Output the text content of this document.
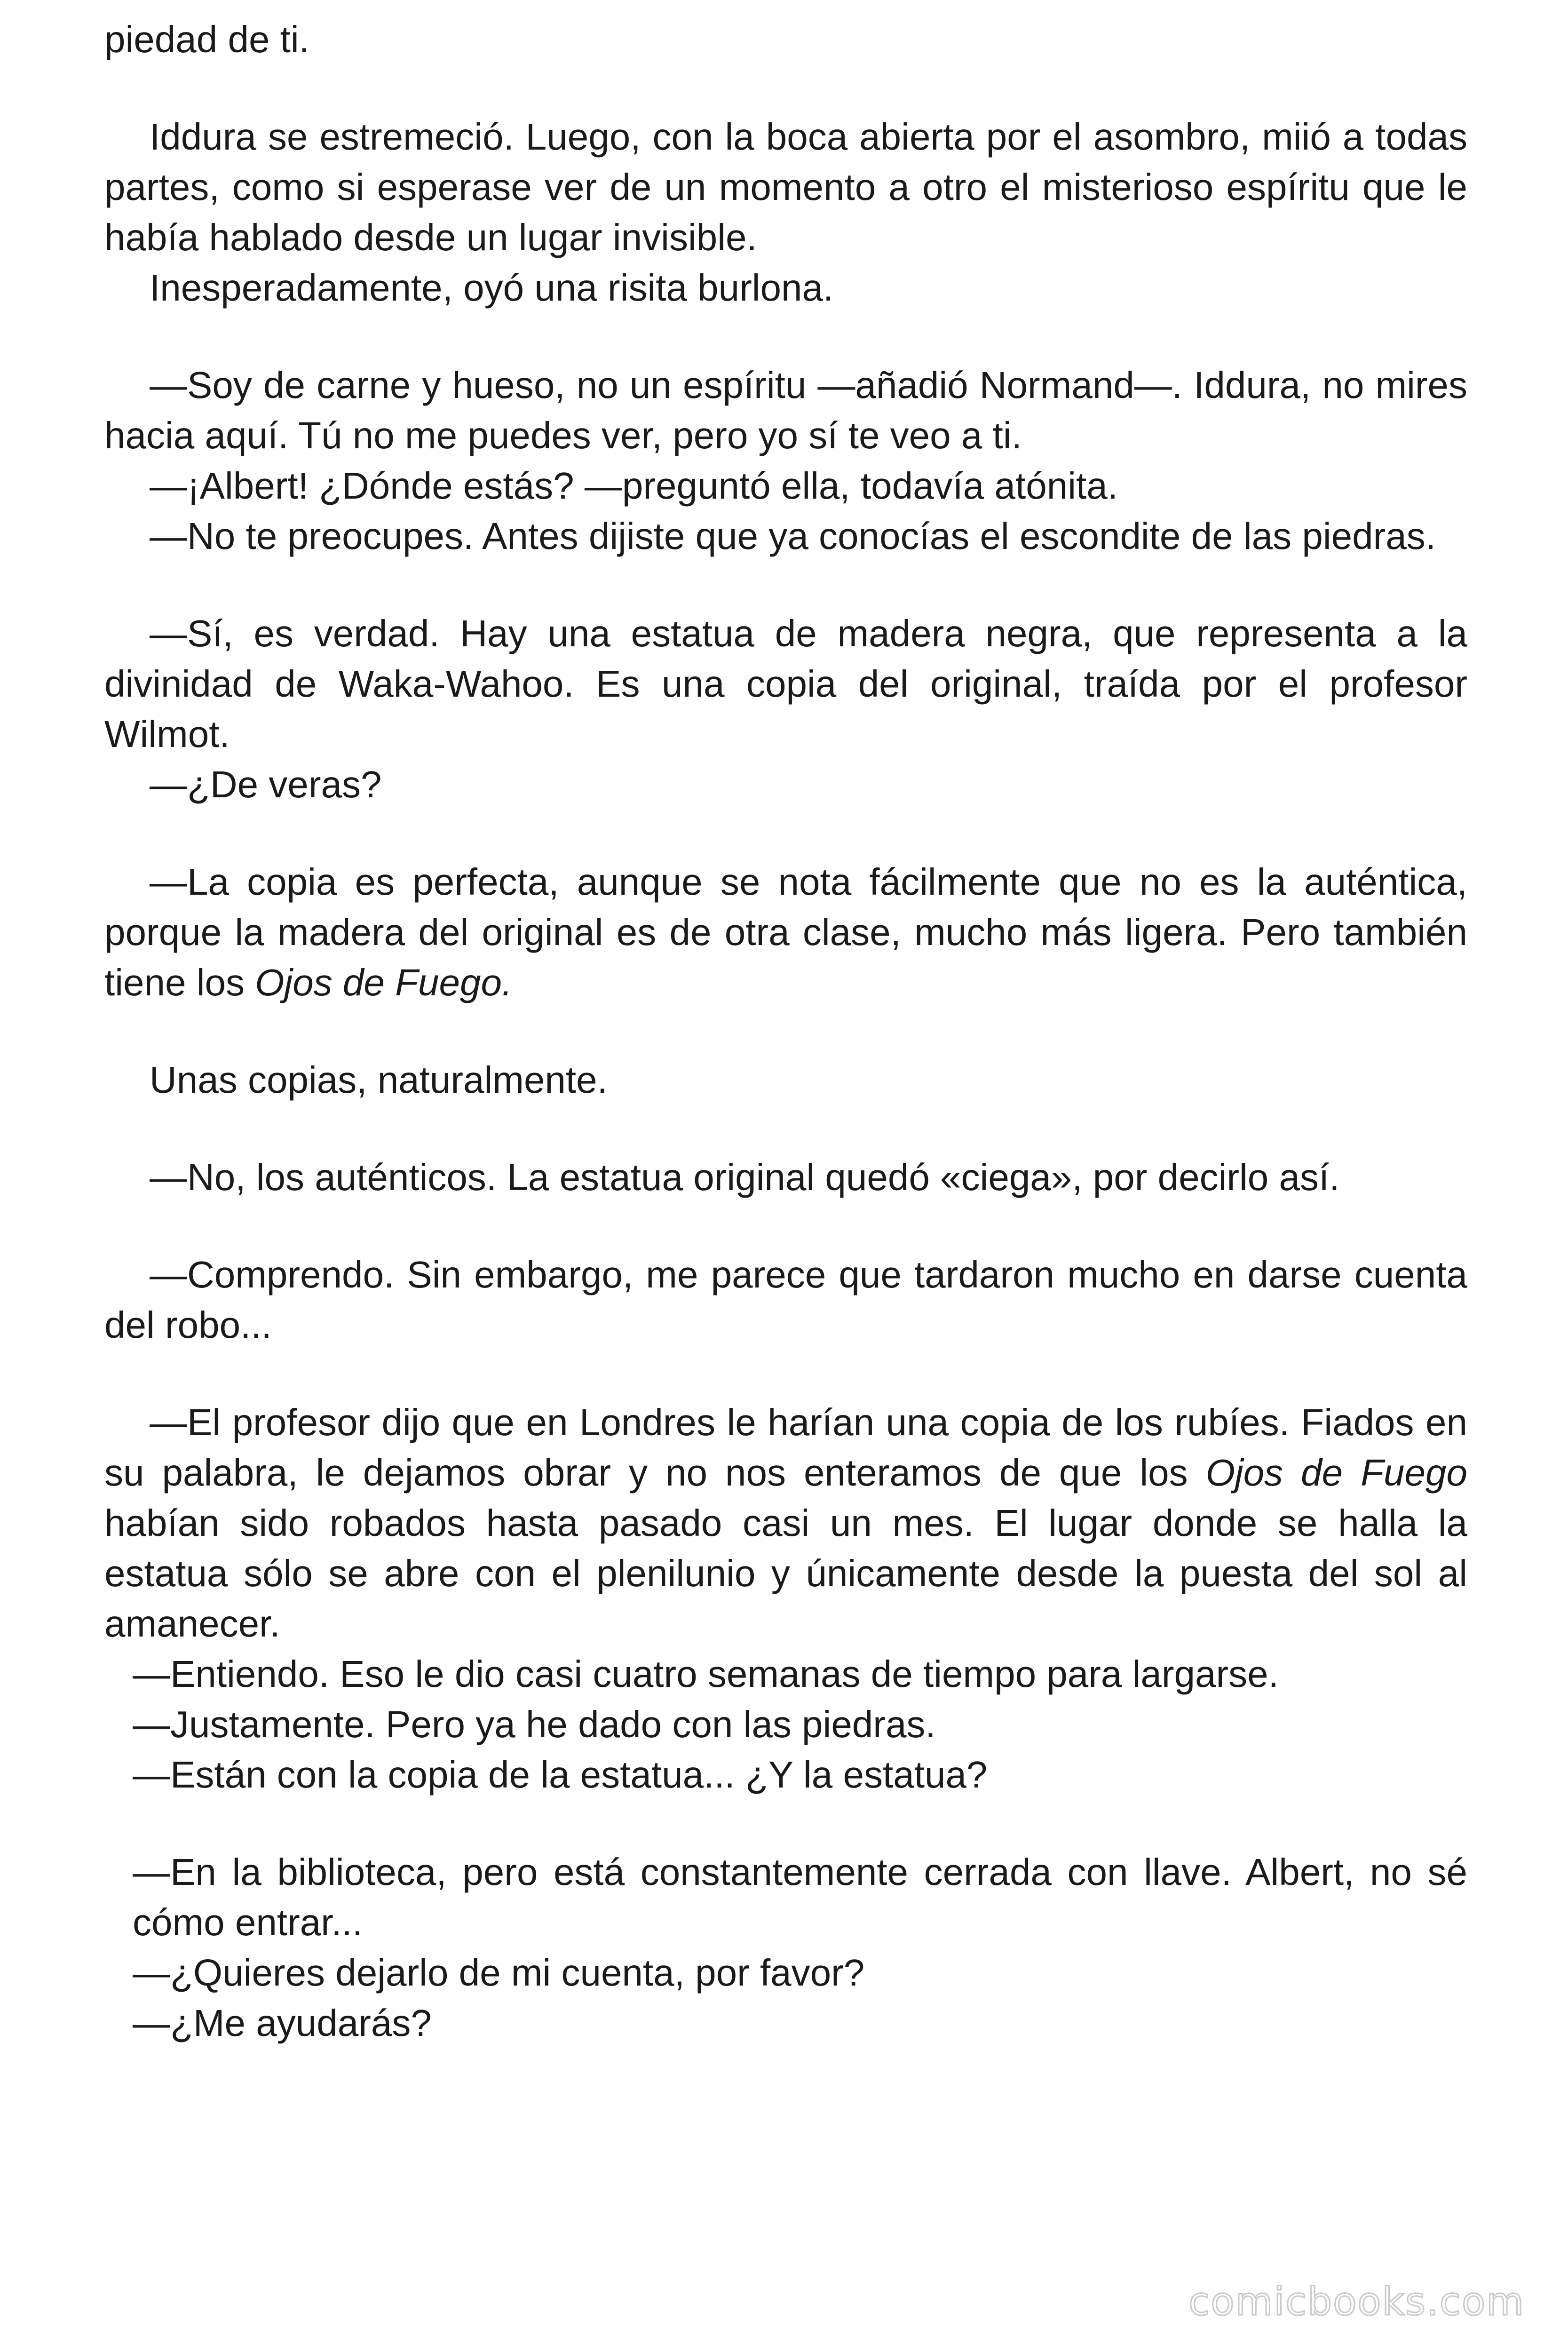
piedad de ti.

Iddura se estremeció. Luego, con la boca abierta por el asombro, miió a todas partes, como si esperase ver de un momento a otro el misterioso espíritu que le había hablado desde un lugar invisible.

Inesperadamente, oyó una risita burlona.

—Soy de carne y hueso, no un espíritu —añadió Normand—. Iddura, no mires hacia aquí. Tú no me puedes ver, pero yo sí te veo a ti.

—¡Albert! ¿Dónde estás? —preguntó ella, todavía atónita.

—No te preocupes. Antes dijiste que ya conocías el escondite de las piedras.

—Sí, es verdad. Hay una estatua de madera negra, que representa a la divinidad de Waka-Wahoo. Es una copia del original, traída por el profesor Wilmot.

—¿De veras?

—La copia es perfecta, aunque se nota fácilmente que no es la auténtica, porque la madera del original es de otra clase, mucho más ligera. Pero también tiene los Ojos de Fuego.

Unas copias, naturalmente.

—No, los auténticos. La estatua original quedó «ciega», por decirlo así.

—Comprendo. Sin embargo, me parece que tardaron mucho en darse cuenta del robo...

—El profesor dijo que en Londres le harían una copia de los rubíes. Fiados en su palabra, le dejamos obrar y no nos enteramos de que los Ojos de Fuego habían sido robados hasta pasado casi un mes. El lugar donde se halla la estatua sólo se abre con el plenilunio y únicamente desde la puesta del sol al amanecer.

—Entiendo. Eso le dio casi cuatro semanas de tiempo para largarse.

—Justamente. Pero ya he dado con las piedras.

—Están con la copia de la estatua... ¿Y la estatua?

—En la biblioteca, pero está constantemente cerrada con llave. Albert, no sé cómo entrar...

—¿Quieres dejarlo de mi cuenta, por favor?

—¿Me ayudarás?

comicbooks.com
